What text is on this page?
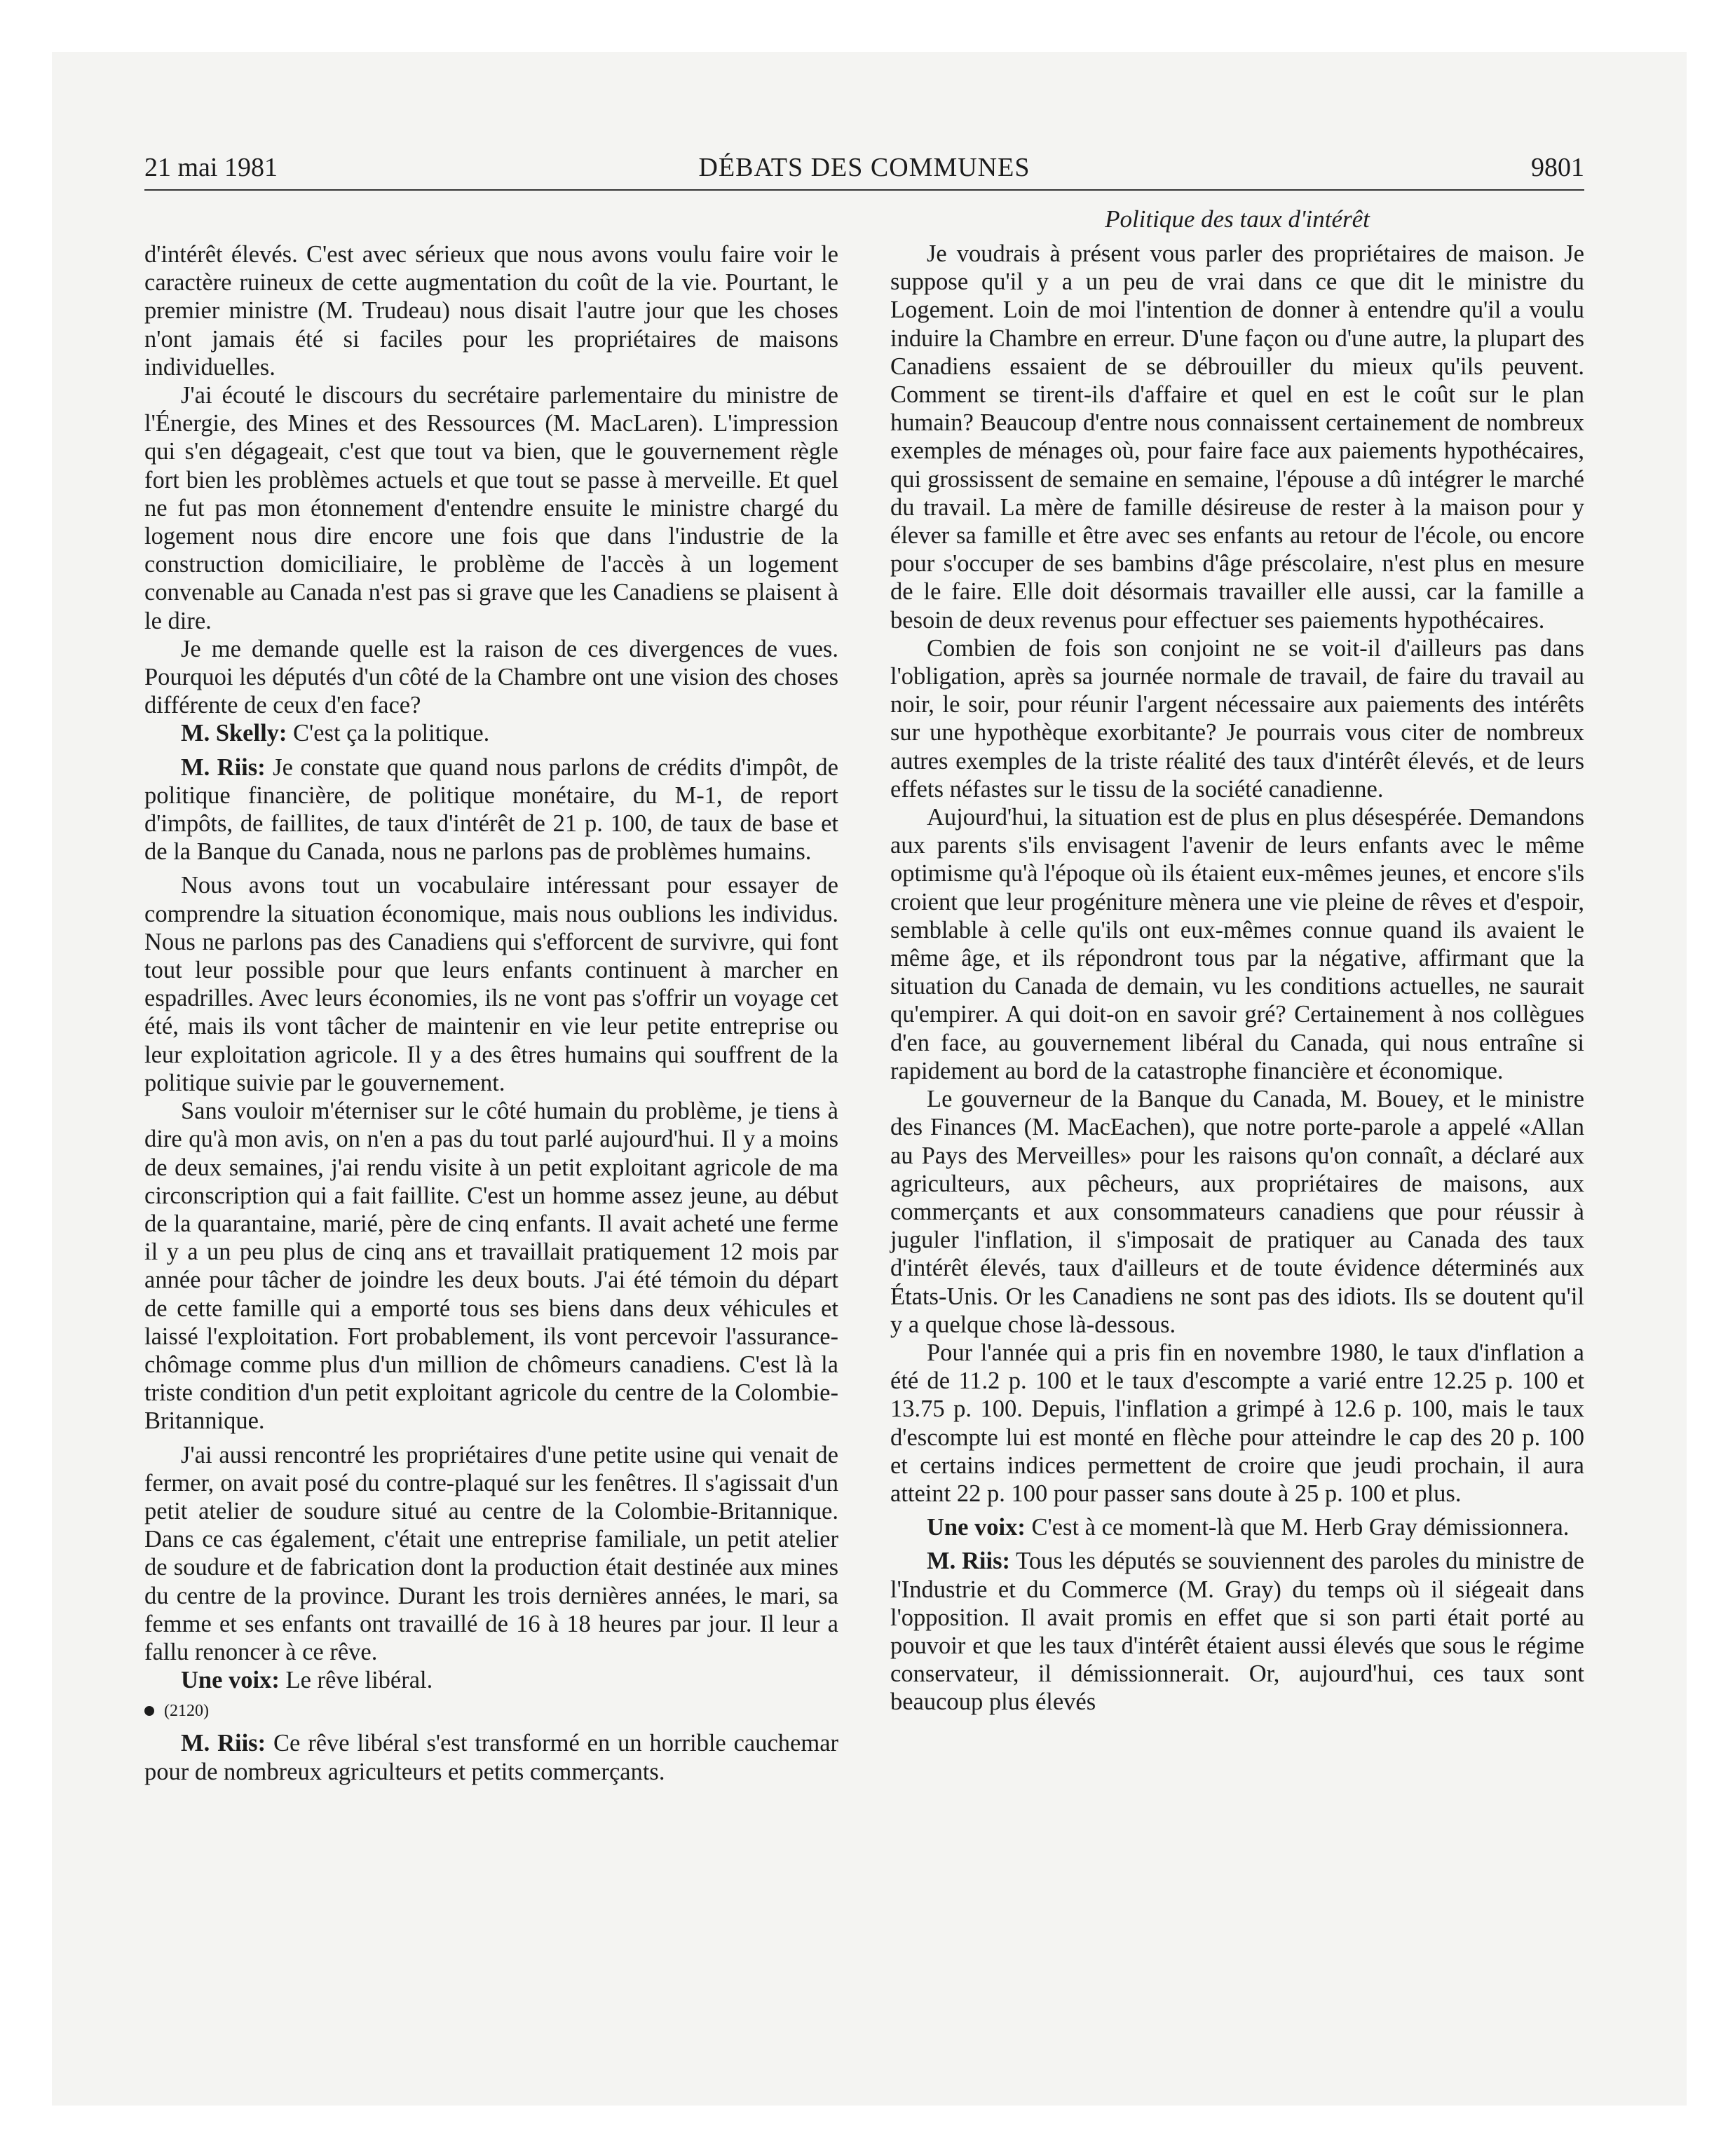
21 mai 1981	DÉBATS DES COMMUNES	9801

d'intérêt élevés. C'est avec sérieux que nous avons voulu faire voir le caractère ruineux de cette augmentation du coût de la vie. Pourtant, le premier ministre (M. Trudeau) nous disait l'autre jour que les choses n'ont jamais été si faciles pour les propriétaires de maisons individuelles.

J'ai écouté le discours du secrétaire parlementaire du ministre de l'Énergie, des Mines et des Ressources (M. MacLaren). L'impression qui s'en dégageait, c'est que tout va bien, que le gouvernement règle fort bien les problèmes actuels et que tout se passe à merveille. Et quel ne fut pas mon étonnement d'entendre ensuite le ministre chargé du logement nous dire encore une fois que dans l'industrie de la construction domiciliaire, le problème de l'accès à un logement convenable au Canada n'est pas si grave que les Canadiens se plaisent à le dire.

Je me demande quelle est la raison de ces divergences de vues. Pourquoi les députés d'un côté de la Chambre ont une vision des choses différente de ceux d'en face?

M. Skelly: C'est ça la politique.

M. Riis: Je constate que quand nous parlons de crédits d'impôt, de politique financière, de politique monétaire, du M-1, de report d'impôts, de faillites, de taux d'intérêt de 21 p. 100, de taux de base et de la Banque du Canada, nous ne parlons pas de problèmes humains.

Nous avons tout un vocabulaire intéressant pour essayer de comprendre la situation économique, mais nous oublions les individus. Nous ne parlons pas des Canadiens qui s'efforcent de survivre, qui font tout leur possible pour que leurs enfants continuent à marcher en espadrilles. Avec leurs économies, ils ne vont pas s'offrir un voyage cet été, mais ils vont tâcher de maintenir en vie leur petite entreprise ou leur exploitation agricole. Il y a des êtres humains qui souffrent de la politique suivie par le gouvernement.

Sans vouloir m'éterniser sur le côté humain du problème, je tiens à dire qu'à mon avis, on n'en a pas du tout parlé aujourd'hui. Il y a moins de deux semaines, j'ai rendu visite à un petit exploitant agricole de ma circonscription qui a fait faillite. C'est un homme assez jeune, au début de la quarantaine, marié, père de cinq enfants. Il avait acheté une ferme il y a un peu plus de cinq ans et travaillait pratiquement 12 mois par année pour tâcher de joindre les deux bouts. J'ai été témoin du départ de cette famille qui a emporté tous ses biens dans deux véhicules et laissé l'exploitation. Fort probablement, ils vont percevoir l'assurance-chômage comme plus d'un million de chômeurs canadiens. C'est là la triste condition d'un petit exploitant agricole du centre de la Colombie-Britannique.

J'ai aussi rencontré les propriétaires d'une petite usine qui venait de fermer, on avait posé du contre-plaqué sur les fenêtres. Il s'agissait d'un petit atelier de soudure situé au centre de la Colombie-Britannique. Dans ce cas également, c'était une entreprise familiale, un petit atelier de soudure et de fabrication dont la production était destinée aux mines du centre de la province. Durant les trois dernières années, le mari, sa femme et ses enfants ont travaillé de 16 à 18 heures par jour. Il leur a fallu renoncer à ce rêve.

Une voix: Le rêve libéral.

(2120)

M. Riis: Ce rêve libéral s'est transformé en un horrible cauchemar pour de nombreux agriculteurs et petits commerçants.

Politique des taux d'intérêt

Je voudrais à présent vous parler des propriétaires de maison. Je suppose qu'il y a un peu de vrai dans ce que dit le ministre du Logement. Loin de moi l'intention de donner à entendre qu'il a voulu induire la Chambre en erreur. D'une façon ou d'une autre, la plupart des Canadiens essaient de se débrouiller du mieux qu'ils peuvent. Comment se tirent-ils d'affaire et quel en est le coût sur le plan humain? Beaucoup d'entre nous connaissent certainement de nombreux exemples de ménages où, pour faire face aux paiements hypothécaires, qui grossissent de semaine en semaine, l'épouse a dû intégrer le marché du travail. La mère de famille désireuse de rester à la maison pour y élever sa famille et être avec ses enfants au retour de l'école, ou encore pour s'occuper de ses bambins d'âge préscolaire, n'est plus en mesure de le faire. Elle doit désormais travailler elle aussi, car la famille a besoin de deux revenus pour effectuer ses paiements hypothécaires.

Combien de fois son conjoint ne se voit-il d'ailleurs pas dans l'obligation, après sa journée normale de travail, de faire du travail au noir, le soir, pour réunir l'argent nécessaire aux paiements des intérêts sur une hypothèque exorbitante? Je pourrais vous citer de nombreux autres exemples de la triste réalité des taux d'intérêt élevés, et de leurs effets néfastes sur le tissu de la société canadienne.

Aujourd'hui, la situation est de plus en plus désespérée. Demandons aux parents s'ils envisagent l'avenir de leurs enfants avec le même optimisme qu'à l'époque où ils étaient eux-mêmes jeunes, et encore s'ils croient que leur progéniture mènera une vie pleine de rêves et d'espoir, semblable à celle qu'ils ont eux-mêmes connue quand ils avaient le même âge, et ils répondront tous par la négative, affirmant que la situation du Canada de demain, vu les conditions actuelles, ne saurait qu'empirer. A qui doit-on en savoir gré? Certainement à nos collègues d'en face, au gouvernement libéral du Canada, qui nous entraîne si rapidement au bord de la catastrophe financière et économique.

Le gouverneur de la Banque du Canada, M. Bouey, et le ministre des Finances (M. MacEachen), que notre porte-parole a appelé «Allan au Pays des Merveilles» pour les raisons qu'on connaît, a déclaré aux agriculteurs, aux pêcheurs, aux propriétaires de maisons, aux commerçants et aux consommateurs canadiens que pour réussir à juguler l'inflation, il s'imposait de pratiquer au Canada des taux d'intérêt élevés, taux d'ailleurs et de toute évidence déterminés aux États-Unis. Or les Canadiens ne sont pas des idiots. Ils se doutent qu'il y a quelque chose là-dessous.

Pour l'année qui a pris fin en novembre 1980, le taux d'inflation a été de 11.2 p. 100 et le taux d'escompte a varié entre 12.25 p. 100 et 13.75 p. 100. Depuis, l'inflation a grimpé à 12.6 p. 100, mais le taux d'escompte lui est monté en flèche pour atteindre le cap des 20 p. 100 et certains indices permettent de croire que jeudi prochain, il aura atteint 22 p. 100 pour passer sans doute à 25 p. 100 et plus.

Une voix: C'est à ce moment-là que M. Herb Gray démissionnera.

M. Riis: Tous les députés se souviennent des paroles du ministre de l'Industrie et du Commerce (M. Gray) du temps où il siégeait dans l'opposition. Il avait promis en effet que si son parti était porté au pouvoir et que les taux d'intérêt étaient aussi élevés que sous le régime conservateur, il démissionnerait. Or, aujourd'hui, ces taux sont beaucoup plus élevés
